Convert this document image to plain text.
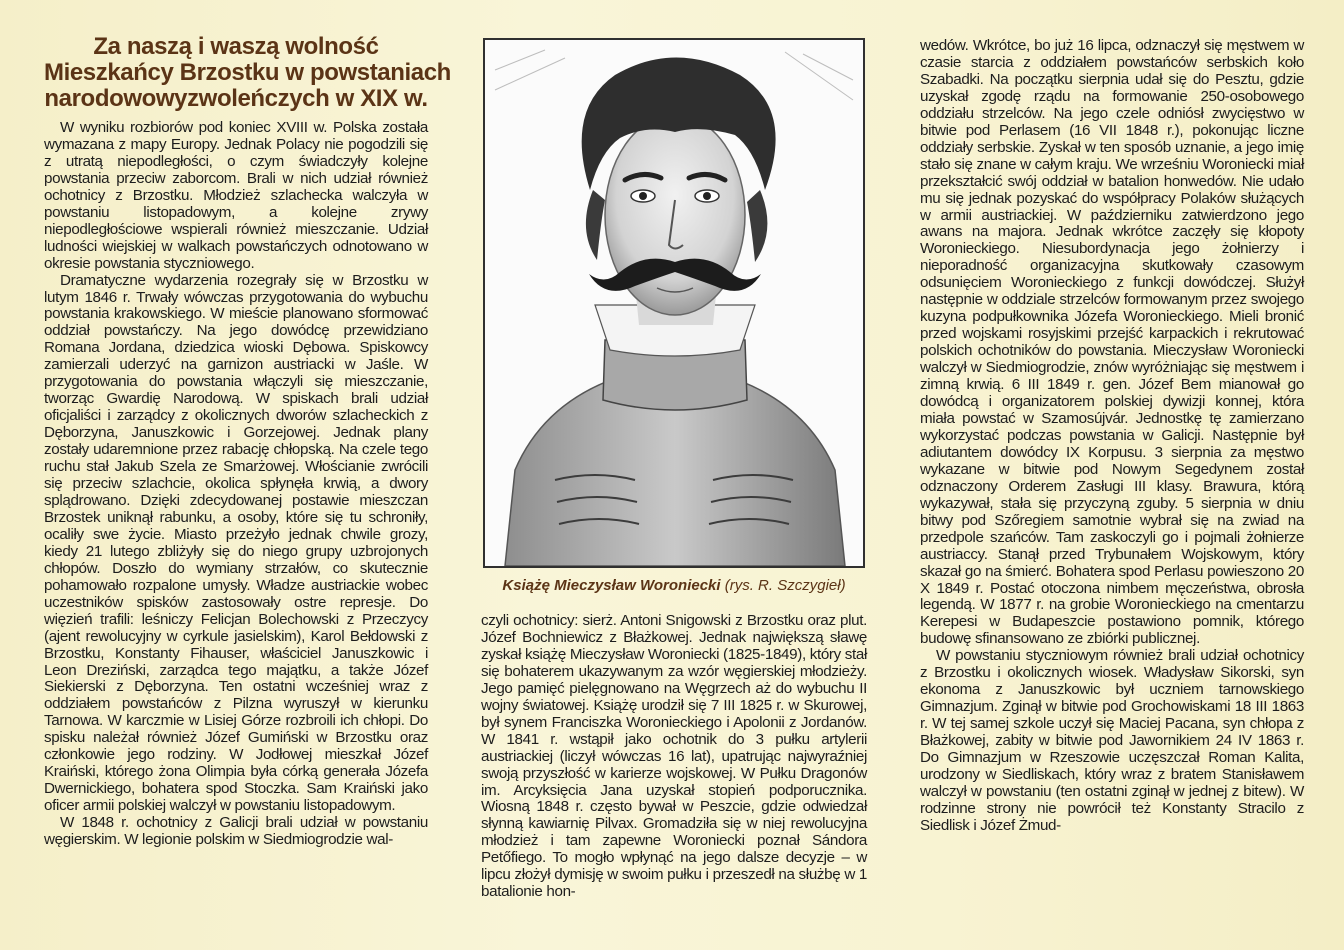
Za naszą i waszą wolność
Mieszkańcy Brzostku w powstaniach
narodowowyzwoleńczych w XIX w.

W wyniku rozbiorów pod koniec XVIII w. Polska została wymazana z mapy Europy. Jednak Polacy nie pogodzili się z utratą niepodległości, o czym świadczyły kolejne powstania przeciw zaborcom. Brali w nich udział również ochotnicy z Brzostku. Młodzież szlachecka walczyła w powstaniu listopadowym, a kolejne zrywy niepodległościowe wspierali również mieszczanie. Udział ludności wiejskiej w walkach powstańczych odnotowano w okresie powstania styczniowego.

Dramatyczne wydarzenia rozegrały się w Brzostku w lutym 1846 r. Trwały wówczas przygotowania do wybuchu powstania krakowskiego. W mieście planowano sformować oddział powstańczy. Na jego dowódcę przewidziano Romana Jordana, dziedzica wioski Dębowa. Spiskowcy zamierzali uderzyć na garnizon austriacki w Jaśle. W przygotowania do powstania włączyli się mieszczanie, tworząc Gwardię Narodową. W spiskach brali udział oficjaliści i zarządcy z okolicznych dworów szlacheckich z Dęborzyna, Januszkowic i Gorzejowej. Jednak plany zostały udaremnione przez rabację chłopską. Na czele tego ruchu stał Jakub Szela ze Smarżowej. Włościanie zwrócili się przeciw szlachcie, okolica spłynęła krwią, a dwory splądrowano. Dzięki zdecydowanej postawie mieszczan Brzostek uniknął rabunku, a osoby, które się tu schroniły, ocaliły swe życie. Miasto przeżyło jednak chwile grozy, kiedy 21 lutego zbliżyły się do niego grupy uzbrojonych chłopów. Doszło do wymiany strzałów, co skutecznie pohamowało rozpalone umysły. Władze austriackie wobec uczestników spisków zastosowały ostre represje. Do więzień trafili: leśniczy Felicjan Bolechowski z Przeczycy (ajent rewolucyjny w cyrkule jasielskim), Karol Bełdowski z Brzostku, Konstanty Fihauser, właściciel Januszkowic i Leon Dreziński, zarządca tego majątku, a także Józef Siekierski z Dęborzyna. Ten ostatni wcześniej wraz z oddziałem powstańców z Pilzna wyruszył w kierunku Tarnowa. W karczmie w Lisiej Górze rozbroili ich chłopi. Do spisku należał również Józef Gumiński w Brzostku oraz członkowie jego rodziny. W Jodłowej mieszkał Józef Kraiński, którego żona Olimpia była córką generała Józefa Dwernickiego, bohatera spod Stoczka. Sam Kraiński jako oficer armii polskiej walczył w powstaniu listopadowym.

W 1848 r. ochotnicy z Galicji brali udział w powstaniu węgierskim. W legionie polskim w Siedmiogrodzie wal-

Książę Mieczysław Woroniecki (rys. R. Szczygieł)

czyli ochotnicy: sierż. Antoni Snigowski z Brzostku oraz plut. Józef Bochniewicz z Błażkowej. Jednak największą sławę zyskał książę Mieczysław Woroniecki (1825-1849), który stał się bohaterem ukazywanym za wzór węgierskiej młodzieży. Jego pamięć pielęgnowano na Węgrzech aż do wybuchu II wojny światowej. Książę urodził się 7 III 1825 r. w Skurowej, był synem Franciszka Woronieckiego i Apolonii z Jordanów. W 1841 r. wstąpił jako ochotnik do 3 pułku artylerii austriackiej (liczył wówczas 16 lat), upatrując najwyraźniej swoją przyszłość w karierze wojskowej. W Pułku Dragonów im. Arcyksięcia Jana uzyskał stopień podporucznika. Wiosną 1848 r. często bywał w Peszcie, gdzie odwiedzał słynną kawiarnię Pilvax. Gromadziła się w niej rewolucyjna młodzież i tam zapewne Woroniecki poznał Sándora Petőfiego. To mogło wpłynąć na jego dalsze decyzje – w lipcu złożył dymisję w swoim pułku i przeszedł na służbę w 1 batalionie hon-

wedów. Wkrótce, bo już 16 lipca, odznaczył się męstwem w czasie starcia z oddziałem powstańców serbskich koło Szabadki. Na początku sierpnia udał się do Pesztu, gdzie uzyskał zgodę rządu na formowanie 250-osobowego oddziału strzelców. Na jego czele odniósł zwycięstwo w bitwie pod Perlasem (16 VII 1848 r.), pokonując liczne oddziały serbskie. Zyskał w ten sposób uznanie, a jego imię stało się znane w całym kraju. We wrześniu Woroniecki miał przekształcić swój oddział w batalion honwedów. Nie udało mu się jednak pozyskać do współpracy Polaków służących w armii austriackiej. W październiku zatwierdzono jego awans na majora. Jednak wkrótce zaczęły się kłopoty Woronieckiego. Niesubordynacja jego żołnierzy i nieporadność organizacyjna skutkowały czasowym odsunięciem Woronieckiego z funkcji dowódczej. Służył następnie w oddziale strzelców formowanym przez swojego kuzyna podpułkownika Józefa Woronieckiego. Mieli bronić przed wojskami rosyjskimi przejść karpackich i rekrutować polskich ochotników do powstania. Mieczysław Woroniecki walczył w Siedmiogrodzie, znów wyróżniając się męstwem i zimną krwią. 6 III 1849 r. gen. Józef Bem mianował go dowódcą i organizatorem polskiej dywizji konnej, która miała powstać w Szamosújvár. Jednostkę tę zamierzano wykorzystać podczas powstania w Galicji. Następnie był adiutantem dowódcy IX Korpusu. 3 sierpnia za męstwo wykazane w bitwie pod Nowym Segedynem został odznaczony Orderem Zasługi III klasy. Brawura, którą wykazywał, stała się przyczyną zguby. 5 sierpnia w dniu bitwy pod Szőregiem samotnie wybrał się na zwiad na przedpole szańców. Tam zaskoczyli go i pojmali żołnierze austriaccy. Stanął przed Trybunałem Wojskowym, który skazał go na śmierć. Bohatera spod Perlasu powieszono 20 X 1849 r. Postać otoczona nimbem męczeństwa, obrosła legendą. W 1877 r. na grobie Woronieckiego na cmentarzu Kerepesi w Budapeszcie postawiono pomnik, którego budowę sfinansowano ze zbiórki publicznej.

W powstaniu styczniowym również brali udział ochotnicy z Brzostku i okolicznych wiosek. Władysław Sikorski, syn ekonoma z Januszkowic był uczniem tarnowskiego Gimnazjum. Zginął w bitwie pod Grochowiskami 18 III 1863 r. W tej samej szkole uczył się Maciej Pacana, syn chłopa z Błażkowej, zabity w bitwie pod Jawornikiem 24 IV 1863 r. Do Gimnazjum w Rzeszowie uczęszczał Roman Kalita, urodzony w Siedliskach, który wraz z bratem Stanisławem walczył w powstaniu (ten ostatni zginął w jednej z bitew). W rodzinne strony nie powrócił też Konstanty Stracilo z Siedlisk i Józef Żmud-
